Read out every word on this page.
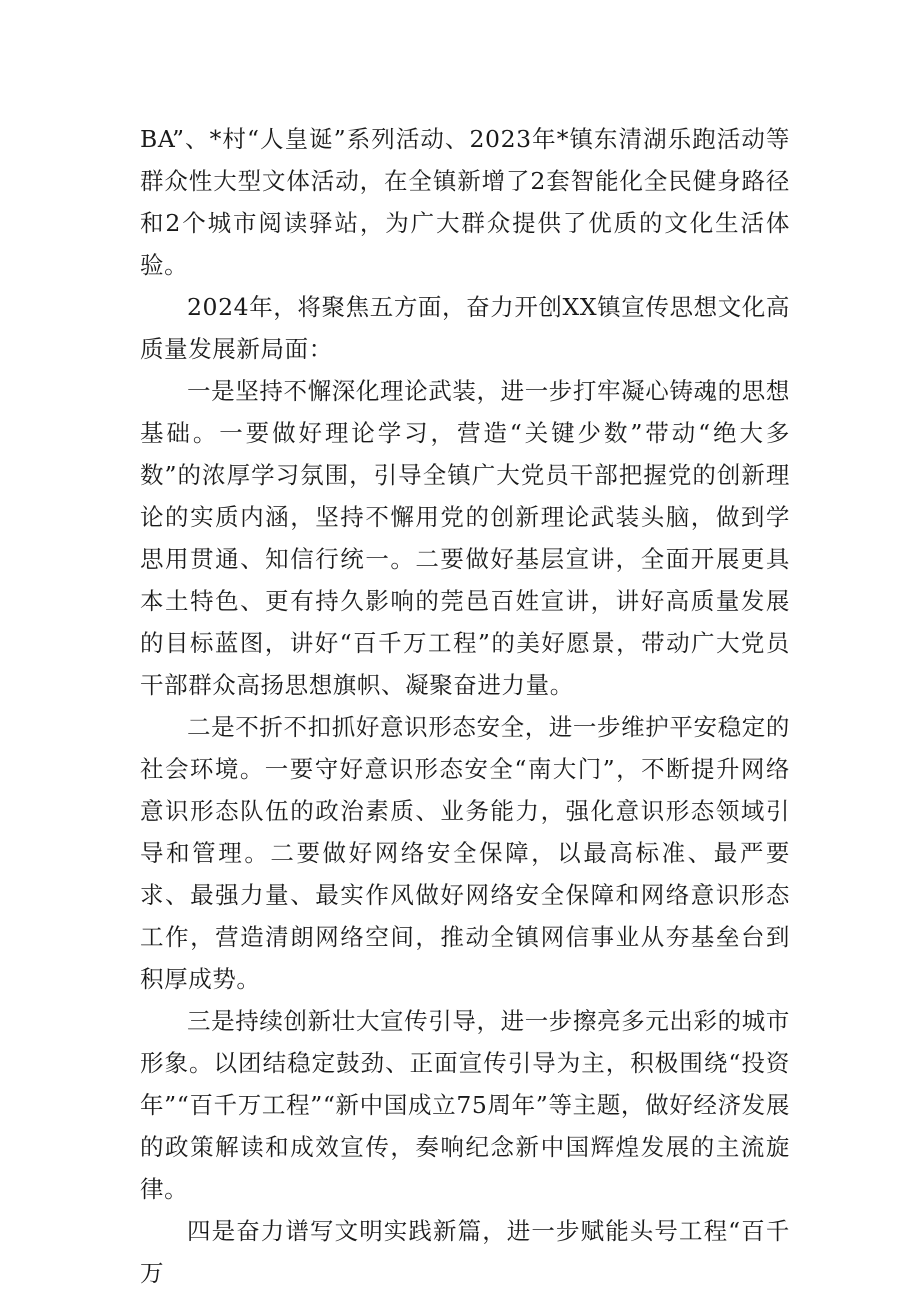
BA”、*村“人皇诞”系列活动、2023年*镇东清湖乐跑活动等群众性大型文体活动，在全镇新增了2套智能化全民健身路径和2个城市阅读驿站，为广大群众提供了优质的文化生活体验。

2024年，将聚焦五方面，奋力开创XX镇宣传思想文化高质量发展新局面：

一是坚持不懈深化理论武装，进一步打牢凝心铸魂的思想基础。一要做好理论学习，营造“关键少数”带动“绝大多数”的浓厚学习氛围，引导全镇广大党员干部把握党的创新理论的实质内涵，坚持不懈用党的创新理论武装头脑，做到学思用贯通、知信行统一。二要做好基层宣讲，全面开展更具本土特色、更有持久影响的莞邑百姓宣讲，讲好高质量发展的目标蓝图，讲好“百千万工程”的美好愿景，带动广大党员干部群众高扬思想旗帜、凝聚奋进力量。

二是不折不扣抓好意识形态安全，进一步维护平安稳定的社会环境。一要守好意识形态安全“南大门”，不断提升网络意识形态队伍的政治素质、业务能力，强化意识形态领域引导和管理。二要做好网络安全保障，以最高标准、最严要求、最强力量、最实作风做好网络安全保障和网络意识形态工作，营造清朗网络空间，推动全镇网信事业从夯基垒台到积厚成势。

三是持续创新壮大宣传引导，进一步擦亮多元出彩的城市形象。以团结稳定鼓劲、正面宣传引导为主，积极围绕“投资年”“百千万工程”“新中国成立75周年”等主题，做好经济发展的政策解读和成效宣传，奏响纪念新中国辉煌发展的主流旋律。

四是奋力谱写文明实践新篇，进一步赋能头号工程“百千万
